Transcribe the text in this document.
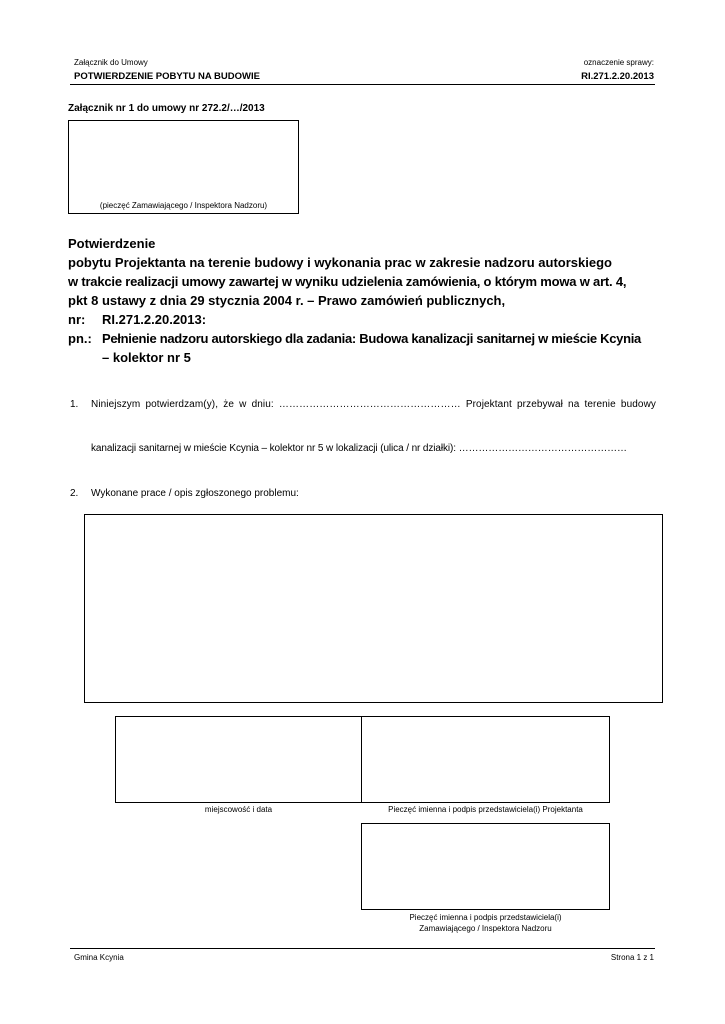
Załącznik do Umowy
POTWIERDZENIE POBYTU NA BUDOWIE
oznaczenie sprawy:
RI.271.2.20.2013
Załącznik nr 1 do umowy nr 272.2/…/2013
(pieczęć Zamawiającego / Inspektora Nadzoru)
Potwierdzenie
pobytu Projektanta na terenie budowy i wykonania prac w zakresie nadzoru autorskiego
w trakcie realizacji umowy zawartej w wyniku udzielenia zamówienia, o którym mowa w art. 4,
pkt 8 ustawy z dnia 29 stycznia 2004 r. – Prawo zamówień publicznych,
nr: RI.271.2.20.2013:
pn.: Pełnienie nadzoru autorskiego dla zadania: Budowa kanalizacji sanitarnej w mieście Kcynia
– kolektor nr 5
1. Niniejszym potwierdzam(y), że w dniu: ……………………………………………… Projektant przebywał na terenie budowy
kanalizacji sanitarnej w mieście Kcynia – kolektor nr 5 w lokalizacji (ulica / nr działki): ……………………………………………
2. Wykonane prace / opis zgłoszonego problemu:
miejscowość i data	Pieczęć imienna i podpis przedstawiciela(i) Projektanta
Pieczęć imienna i podpis przedstawiciela(i)
Zamawiającego / Inspektora Nadzoru
Gmina Kcynia	Strona 1 z 1
